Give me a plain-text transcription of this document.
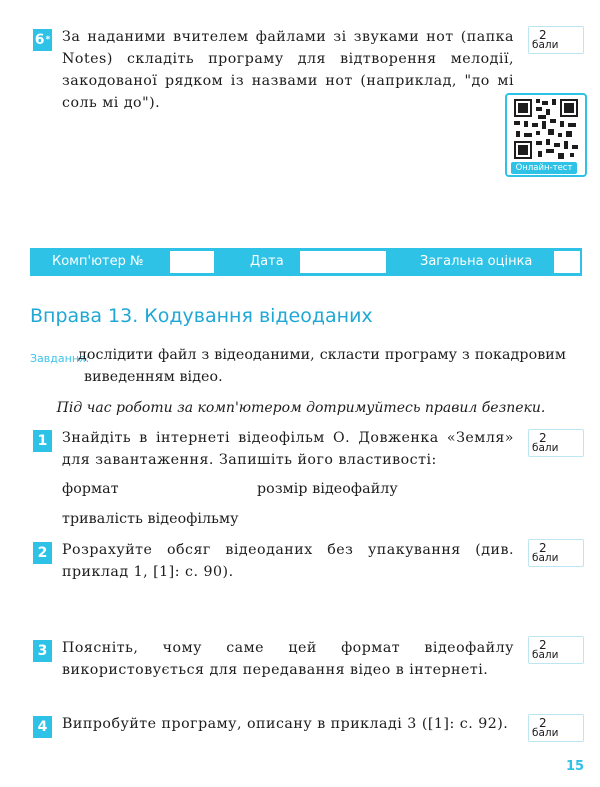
6 * За наданими вчителем файлами зі звуками нот (папка Notes) складіть програму для відтворення мелодії, закодованої рядком із назвами нот (наприклад, "до мі соль мі до").
2
бали
Онлайн-тест
Комп'ютер №	Дата	Загальна оцінка
Вправа 13. Кодування відеоданих
Завдання:
дослідити файл з відеоданими, скласти програму з покадровим виведенням відео.
Під час роботи за комп'ютером дотримуйтесь правил безпеки.
1	Знайдіть в інтернеті відеофільм О. Довженка «Земля» для завантаження. Запишіть його властивості:
2
бали
формат	розмір відеофайлу
тривалість відеофільму
2	Розрахуйте обсяг відеоданих без упакування (див. приклад 1, [1]: с. 90).
2
бали
3	Поясніть, чому саме цей формат відеофайлу використовується для передавання відео в інтернеті.
2
бали
4	Випробуйте програму, описану в прикладі 3 ([1]: с. 92).	2
бали
15
